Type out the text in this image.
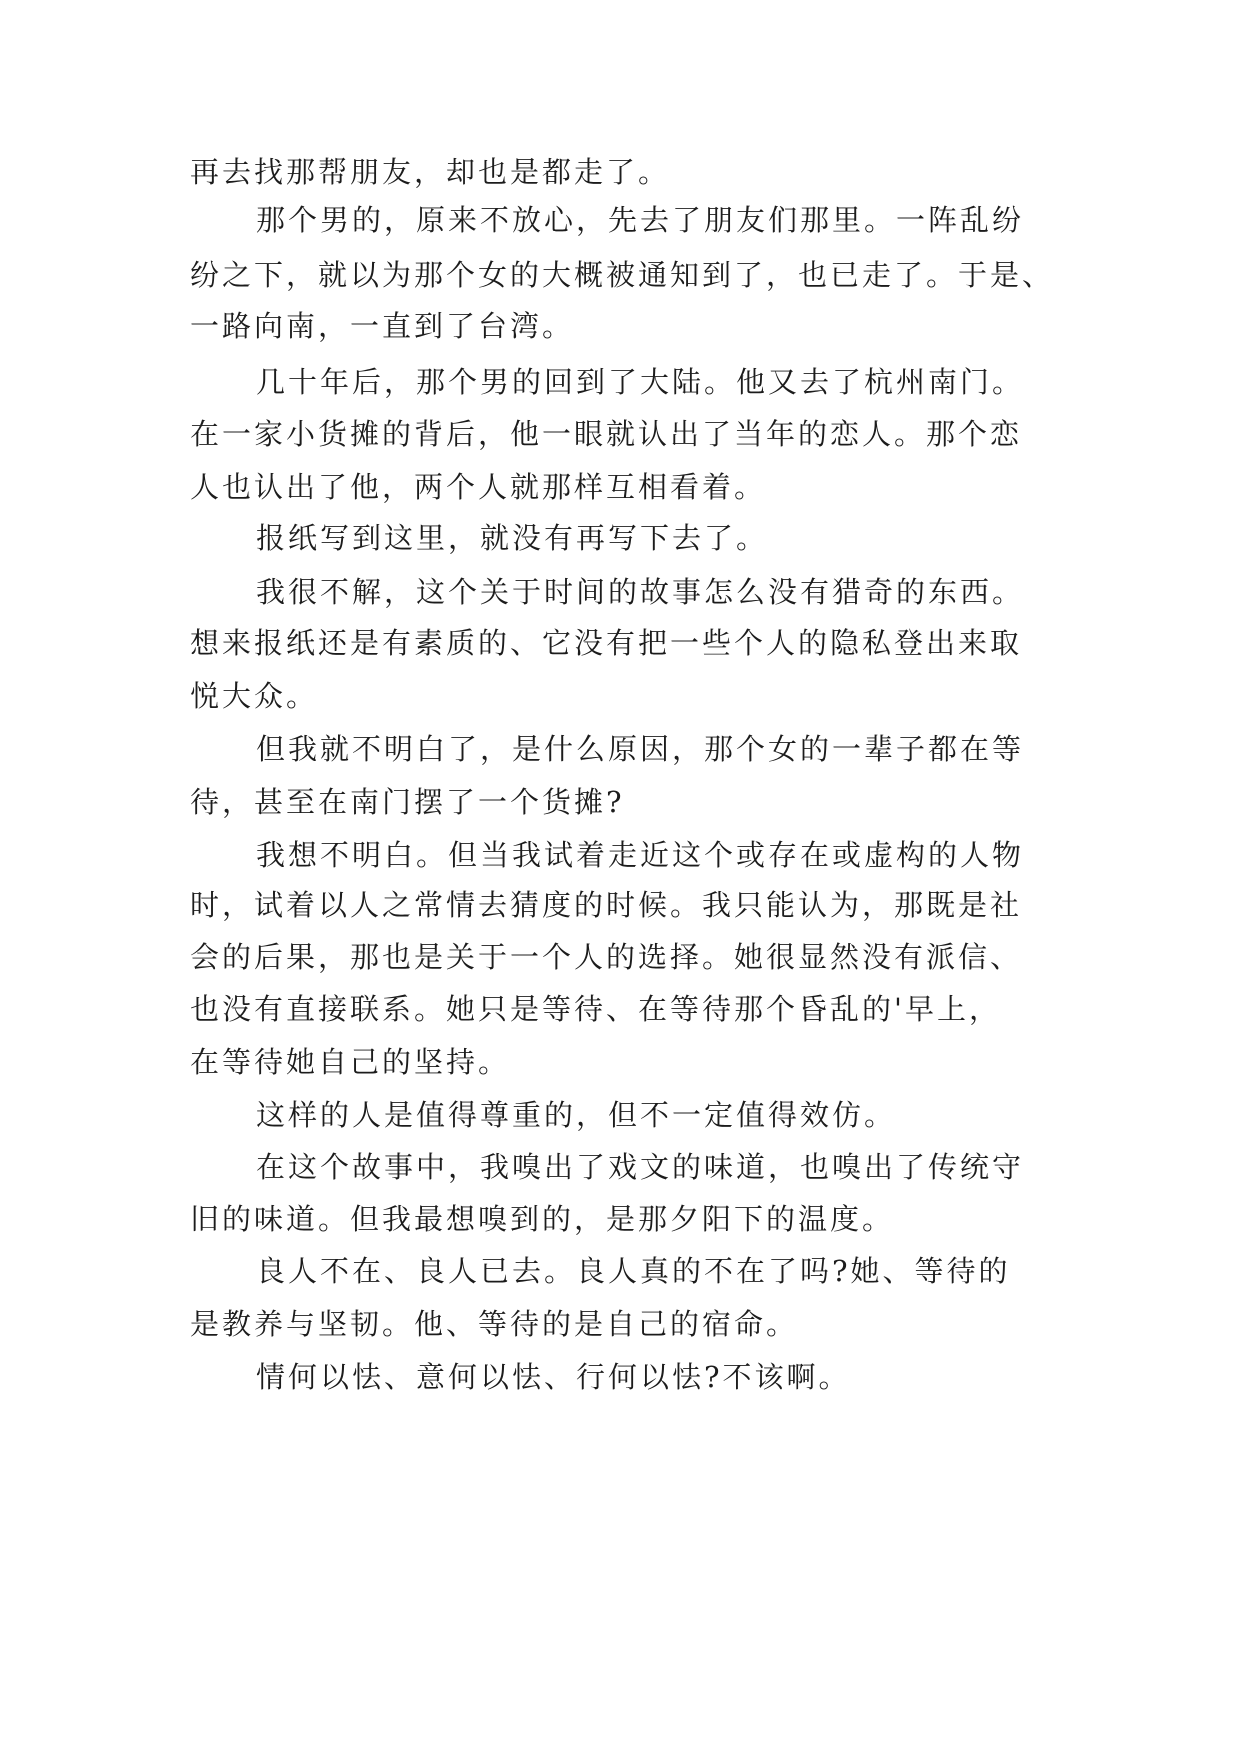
再去找那帮朋友，却也是都走了。

那个男的，原来不放心，先去了朋友们那里。一阵乱纷

纷之下，就以为那个女的大概被通知到了，也已走了。于是、

一路向南，一直到了台湾。

几十年后，那个男的回到了大陆。他又去了杭州南门。

在一家小货摊的背后，他一眼就认出了当年的恋人。那个恋

人也认出了他，两个人就那样互相看着。

报纸写到这里，就没有再写下去了。

我很不解，这个关于时间的故事怎么没有猎奇的东西。

想来报纸还是有素质的、它没有把一些个人的隐私登出来取

悦大众。

但我就不明白了，是什么原因，那个女的一辈子都在等

待，甚至在南门摆了一个货摊?

我想不明白。但当我试着走近这个或存在或虚构的人物

时，试着以人之常情去猜度的时候。我只能认为，那既是社

会的后果，那也是关于一个人的选择。她很显然没有派信、

也没有直接联系。她只是等待、在等待那个昏乱的'早上，

在等待她自己的坚持。

这样的人是值得尊重的，但不一定值得效仿。

在这个故事中，我嗅出了戏文的味道，也嗅出了传统守

旧的味道。但我最想嗅到的，是那夕阳下的温度。

良人不在、良人已去。良人真的不在了吗?她、等待的

是教养与坚韧。他、等待的是自己的宿命。

情何以怯、意何以怯、行何以怯?不该啊。
